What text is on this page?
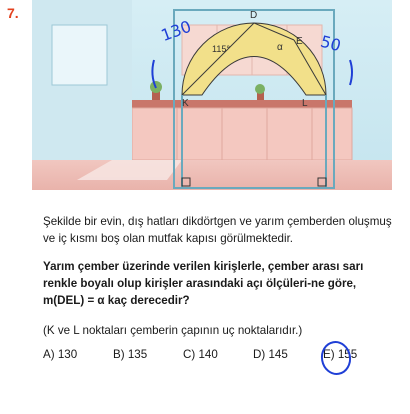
7.	D
E
K	L
115°	α
130	50
Şekilde bir evin, dış hatları dikdörtgen ve yarım çemberden oluşmuş ve iç kısmı boş olan mutfak kapısı görülmektedir.
Yarım çember üzerinde verilen kirişlerle, çember arası sarı renkle boyalı olup kirişler arasındaki açı ölçüleri-ne göre, m(DEL) = α kaç derecedir?
(K ve L noktaları çemberin çapının uç noktalarıdır.)
A) 130	B) 135	C) 140	D) 145	E) 155
